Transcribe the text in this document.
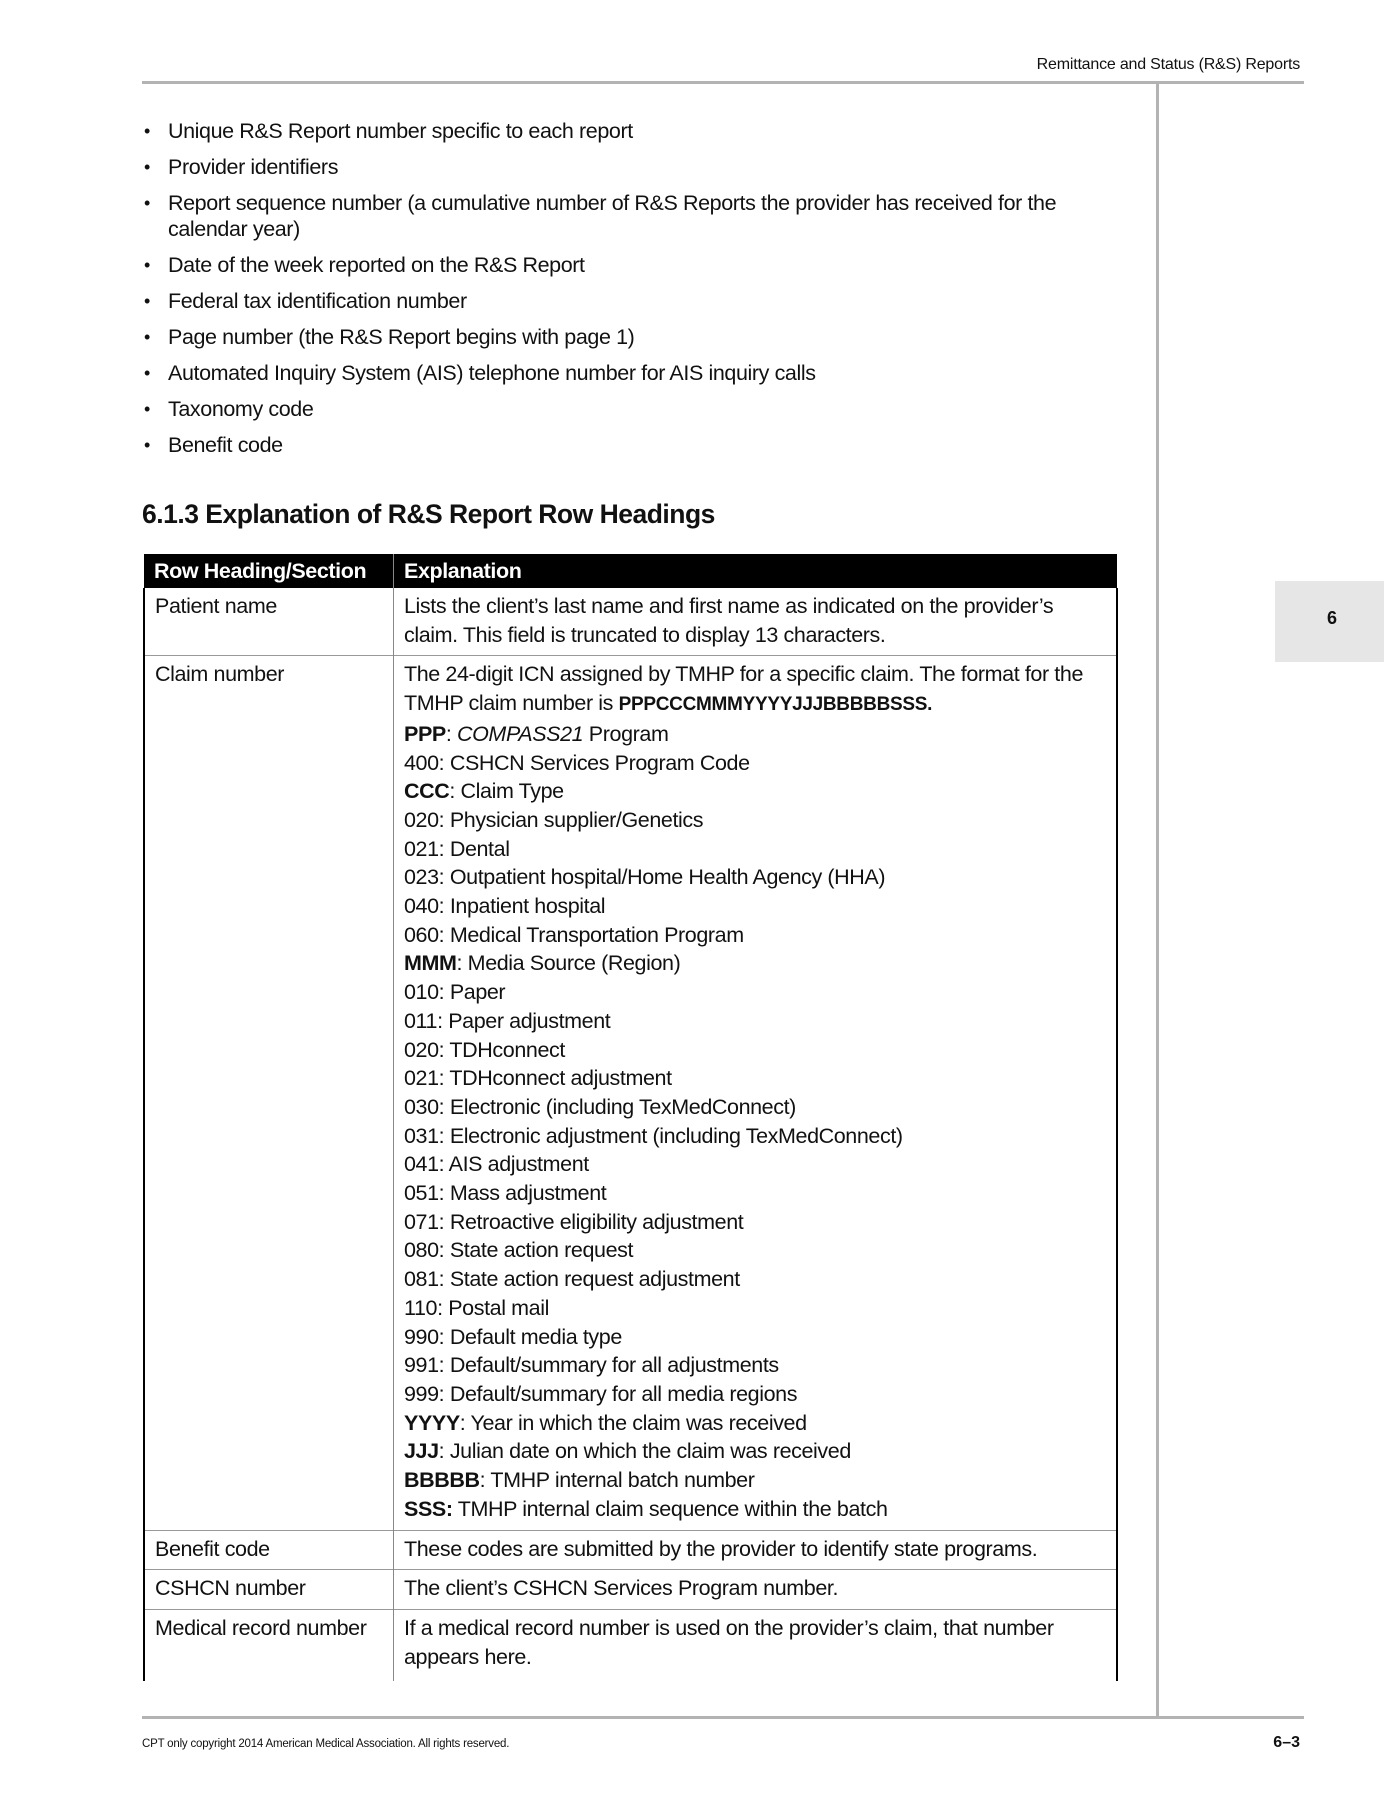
Remittance and Status (R&S) Reports
6
• Unique R&S Report number specific to each report
• Provider identifiers
• Report sequence number (a cumulative number of R&S Reports the provider has received for the calendar year)
• Date of the week reported on the R&S Report
• Federal tax identification number
• Page number (the R&S Report begins with page 1)
• Automated Inquiry System (AIS) telephone number for AIS inquiry calls
• Taxonomy code
• Benefit code
6.1.3 Explanation of R&S Report Row Headings
Row Heading/Section	Explanation
Patient name	Lists the client’s last name and first name as indicated on the provider’s claim. This field is truncated to display 13 characters.
Claim number	The 24-digit ICN assigned by TMHP for a specific claim. The format for the TMHP claim number is PPPCCCMMMYYYYJJJBBBBBSSS.
PPP: COMPASS21 Program
400: CSHCN Services Program Code
CCC: Claim Type
020: Physician supplier/Genetics
021: Dental
023: Outpatient hospital/Home Health Agency (HHA)
040: Inpatient hospital
060: Medical Transportation Program
MMM: Media Source (Region)
010: Paper
011: Paper adjustment
020: TDHconnect
021: TDHconnect adjustment
030: Electronic (including TexMedConnect)
031: Electronic adjustment (including TexMedConnect)
041: AIS adjustment
051: Mass adjustment
071: Retroactive eligibility adjustment
080: State action request
081: State action request adjustment
110: Postal mail
990: Default media type
991: Default/summary for all adjustments
999: Default/summary for all media regions
YYYY: Year in which the claim was received
JJJ: Julian date on which the claim was received
BBBBB: TMHP internal batch number
SSS: TMHP internal claim sequence within the batch

Benefit code	These codes are submitted by the provider to identify state programs.
CSHCN number	The client’s CSHCN Services Program number.
Medical record number	If a medical record number is used on the provider’s claim, that number appears here.
CPT only copyright 2014 American Medical Association. All rights reserved.	6–3
